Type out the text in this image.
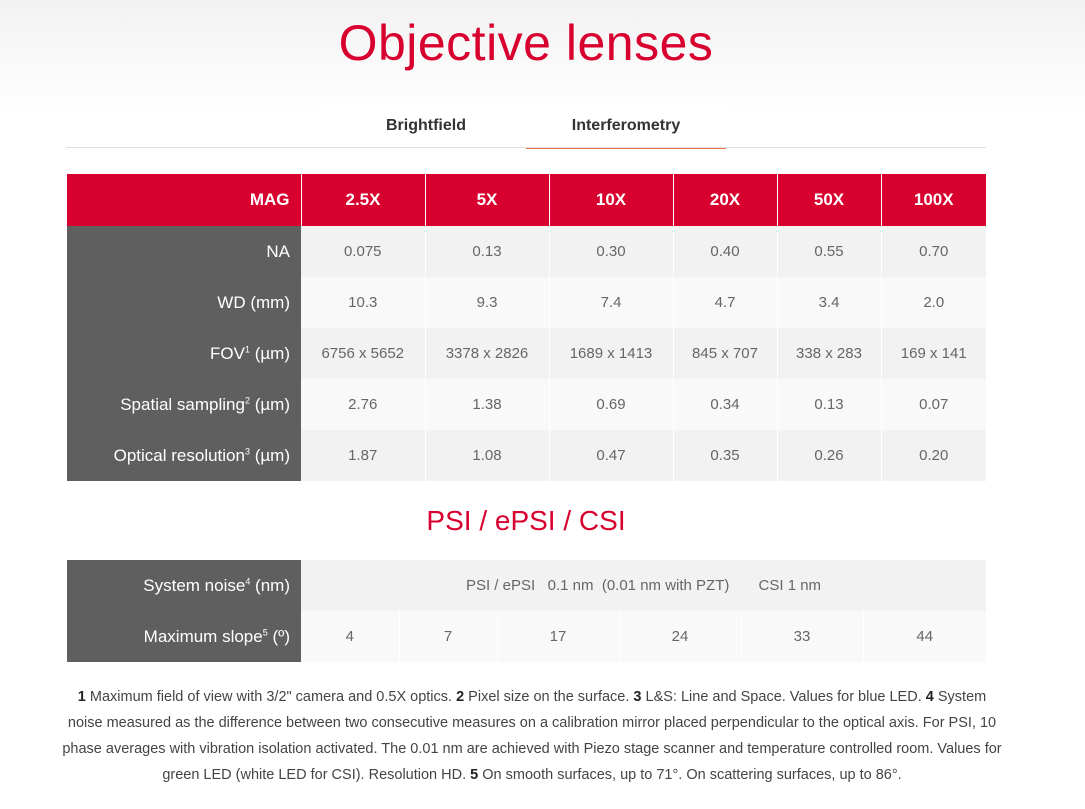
Objective lenses
Brightfield	Interferometry
MAG	2.5X	5X	10X	20X	50X	100X
NA	0.075	0.13	0.30	0.40	0.55	0.70
WD (mm)	10.3	9.3	7.4	4.7	3.4	2.0
FOV$^1$ (µm)	6756 x 5652	3378 x 2826	1689 x 1413	845 x 707	338 x 283	169 x 141
Spatial sampling$^2$ (µm)	2.76	1.38	0.69	0.34	0.13	0.07
Optical resolution$^3$ (µm)	1.87	1.08	0.47	0.35	0.26	0.20
PSI / ePSI / CSI
System noise$^4$ (nm)	PSI / ePSI   0.1 nm  (0.01 nm with PZT)       CSI 1 nm					
Maximum slope$^5$ (º)	4	7	17	24	33	44

1 Maximum field of view with 3/2" camera and 0.5X optics. 2 Pixel size on the surface. 3 L&S: Line and Space. Values for blue LED. 4 System noise measured as the difference between two consecutive measures on a calibration mirror placed perpendicular to the optical axis. For PSI, 10 phase averages with vibration isolation activated. The 0.01 nm are achieved with Piezo stage scanner and temperature controlled room. Values for green LED (white LED for CSI). Resolution HD. 5 On smooth surfaces, up to 71°. On scattering surfaces, up to 86°.
